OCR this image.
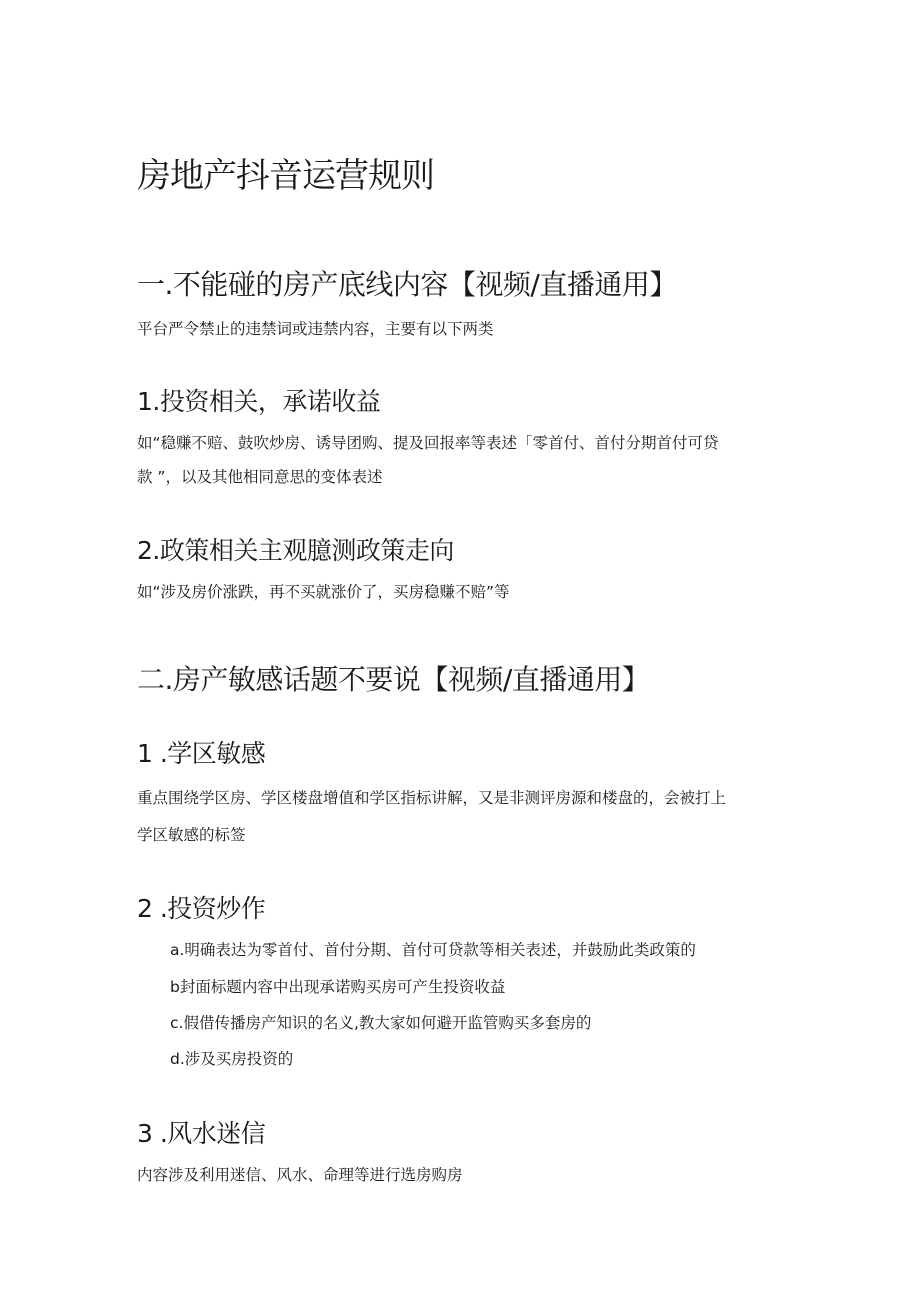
房地产抖音运营规则
一.不能碰的房产底线内容【视频/直播通用】
平台严令禁止的违禁词或违禁内容，主要有以下两类
1.投资相关，承诺收益
如“稳赚不赔、鼓吹炒房、诱导团购、提及回报率等表述「零首付、首付分期首付可贷
款 ”，以及其他相同意思的变体表述
2.政策相关主观臆测政策走向
如“涉及房价涨跌，再不买就涨价了，买房稳赚不赔”等
二.房产敏感话题不要说【视频/直播通用】
1 .学区敏感
重点围绕学区房、学区楼盘增值和学区指标讲解，又是非测评房源和楼盘的，会被打上
学区敏感的标签
2 .投资炒作
a.明确表达为零首付、首付分期、首付可贷款等相关表述，并鼓励此类政策的
b封面标题内容中出现承诺购买房可产生投资收益
c.假借传播房产知识的名义,教大家如何避开监管购买多套房的
d.涉及买房投资的
3 .风水迷信
内容涉及利用迷信、风水、命理等进行选房购房
